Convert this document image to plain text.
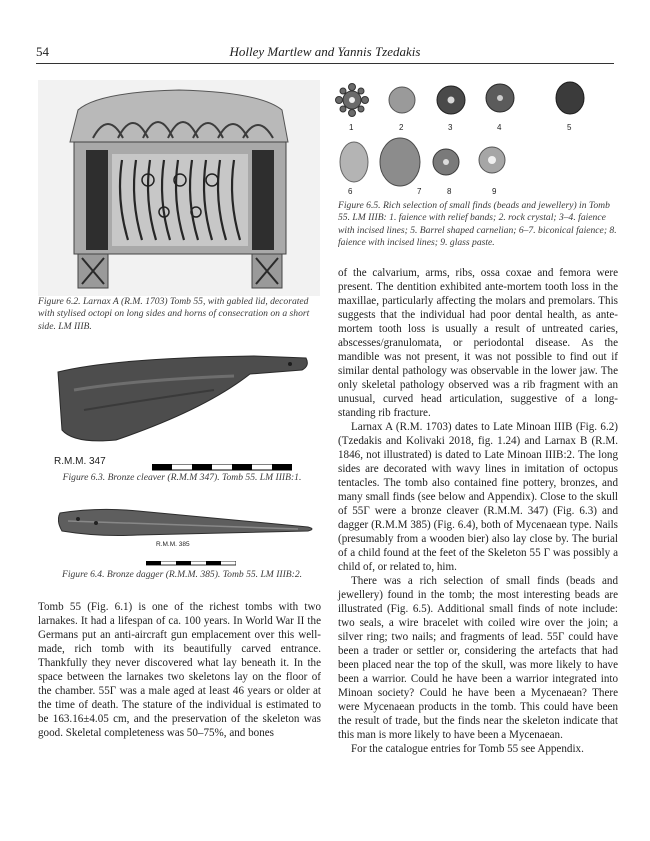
54	Holley Martlew and Yannis Tzedakis
Figure 6.2. Larnax A (R.M. 1703) Tomb 55, with gabled lid, decorated with stylised octopi on long sides and horns of consecration on a short side. LM IIIB.
R.M.M. 347
Figure 6.3. Bronze cleaver (R.M.M 347). Tomb 55. LM IIIB:1.
R.M.M. 385
Figure 6.4. Bronze dagger (R.M.M. 385). Tomb 55. LM IIIB:2.

Tomb 55 (Fig. 6.1) is one of the richest tombs with two larnakes. It had a lifespan of ca. 100 years. In World War II the Germans put an anti-aircraft gun emplacement over this well-made, rich tomb with its beautifully carved entrance. Thankfully they never discovered what lay beneath it. In the space between the larnakes two skeletons lay on the floor of the chamber. 55Γ was a male aged at least 46 years or older at the time of death. The stature of the individual is estimated to be 163.16±4.05 cm, and the preservation of the skeleton was good. Skeletal completeness was 50–75%, and bones

1	2	3	4	5
6	7	8	9
Figure 6.5. Rich selection of small finds (beads and jewellery) in Tomb 55. LM IIIB: 1. faience with relief bands; 2. rock crystal; 3–4. faience with incised lines; 5. Barrel shaped carnelian; 6–7. biconical faience; 8. faience with incised lines; 9. glass paste.

of the calvarium, arms, ribs, ossa coxae and femora were present. The dentition exhibited ante-mortem tooth loss in the maxillae, particularly affecting the molars and premolars. This suggests that the individual had poor dental health, as ante-mortem tooth loss is usually a result of untreated caries, abscesses/granulomata, or periodontal disease. As the mandible was not present, it was not possible to find out if similar dental pathology was observable in the lower jaw. The only skeletal pathology observed was a rib fragment with an unusual, curved head articulation, suggestive of a long-standing rib fracture.

Larnax A (R.M. 1703) dates to Late Minoan IIIB (Fig. 6.2) (Tzedakis and Kolivaki 2018, fig. 1.24) and Larnax B (R.M. 1846, not illustrated) is dated to Late Minoan IIIB:2. The long sides are decorated with wavy lines in imitation of octopus tentacles. The tomb also contained fine pottery, bronzes, and many small finds (see below and Appendix). Close to the skull of 55Γ were a bronze cleaver (R.M.M. 347) (Fig. 6.3) and dagger (R.M.M 385) (Fig. 6.4), both of Mycenaean type. Nails (presumably from a wooden bier) also lay close by. The burial of a child found at the feet of the Skeleton 55 Γ was possibly a child of, or related to, him.

There was a rich selection of small finds (beads and jewellery) found in the tomb; the most interesting beads are illustrated (Fig. 6.5). Additional small finds of note include: two seals, a wire bracelet with coiled wire over the join; a silver ring; two nails; and fragments of lead. 55Γ could have been a trader or settler or, considering the artefacts that had been placed near the top of the skull, was more likely to have been a warrior. Could he have been a warrior integrated into Minoan society? Could he have been a Mycenaean? There were Mycenaean products in the tomb. This could have been the result of trade, but the finds near the skeleton indicate that this man is more likely to have been a Mycenaean.

For the catalogue entries for Tomb 55 see Appendix.
